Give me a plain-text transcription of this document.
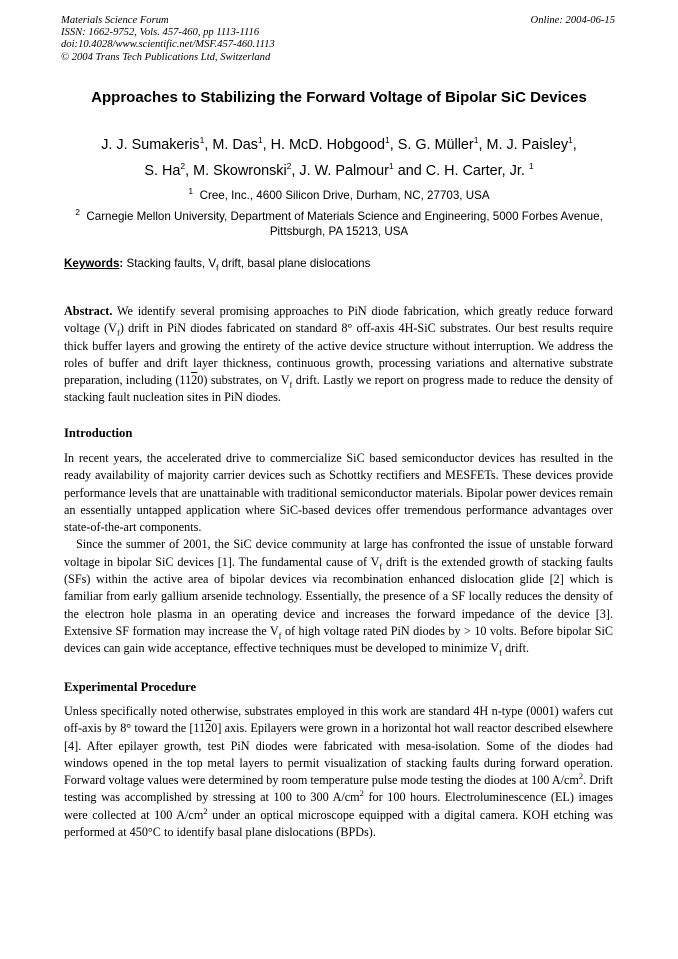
Materials Science Forum
ISSN: 1662-9752, Vols. 457-460, pp 1113-1116
doi:10.4028/www.scientific.net/MSF.457-460.1113
© 2004 Trans Tech Publications Ltd, Switzerland
Online: 2004-06-15
Approaches to Stabilizing the Forward Voltage of Bipolar SiC Devices
J. J. Sumakeris$^1$, M. Das$^1$, H. McD. Hobgood$^1$, S. G. Müller$^1$, M. J. Paisley$^1$,
S. Ha$^2$, M. Skowronski$^2$, J. W. Palmour$^1$ and C. H. Carter, Jr. $^1$
$^1$ Cree, Inc., 4600 Silicon Drive, Durham, NC, 27703, USA
$^2$ Carnegie Mellon University, Department of Materials Science and Engineering, 5000 Forbes Avenue, Pittsburgh, PA 15213, USA
Keywords: Stacking faults, $V_f$ drift, basal plane dislocations

Abstract. We identify several promising approaches to PiN diode fabrication, which greatly reduce forward voltage $(V_f)$ drift in PiN diodes fabricated on standard 8° off-axis 4H-SiC substrates. Our best results require thick buffer layers and growing the entirety of the active device structure without interruption. We address the roles of buffer and drift layer thickness, continuous growth, processing variations and alternative substrate preparation, including (1120) substrates, on $V_f$ drift. Lastly we report on progress made to reduce the density of stacking fault nucleation sites in PiN diodes.

Introduction

In recent years, the accelerated drive to commercialize SiC based semiconductor devices has resulted in the ready availability of majority carrier devices such as Schottky rectifiers and MESFETs. These devices provide performance levels that are unattainable with traditional semiconductor materials. Bipolar power devices remain an essentially untapped application where SiC-based devices offer tremendous performance advantages over state-of-the-art components.

Since the summer of 2001, the SiC device community at large has confronted the issue of unstable forward voltage in bipolar SiC devices [1]. The fundamental cause of $V_f$ drift is the extended growth of stacking faults (SFs) within the active area of bipolar devices via recombination enhanced dislocation glide [2] which is familiar from early gallium arsenide technology. Essentially, the presence of a SF locally reduces the density of the electron hole plasma in an operating device and increases the forward impedance of the device [3]. Extensive SF formation may increase the $V_f$ of high voltage rated PiN diodes by > 10 volts. Before bipolar SiC devices can gain wide acceptance, effective techniques must be developed to minimize $V_f$ drift.

Experimental Procedure

Unless specifically noted otherwise, substrates employed in this work are standard 4H n-type (0001) wafers cut off-axis by 8° toward the [1120] axis. Epilayers were grown in a horizontal hot wall reactor described elsewhere [4]. After epilayer growth, test PiN diodes were fabricated with mesa-isolation. Some of the diodes had windows opened in the top metal layers to permit visualization of stacking faults during forward operation. Forward voltage values were determined by room temperature pulse mode testing the diodes at 100 $A/cm^2$. Drift testing was accomplished by stressing at 100 to 300 $A/cm^2$ for 100 hours. Electroluminescence (EL) images were collected at 100 $A/cm^2$ under an optical microscope equipped with a digital camera. KOH etching was performed at 450°C to identify basal plane dislocations (BPDs).
